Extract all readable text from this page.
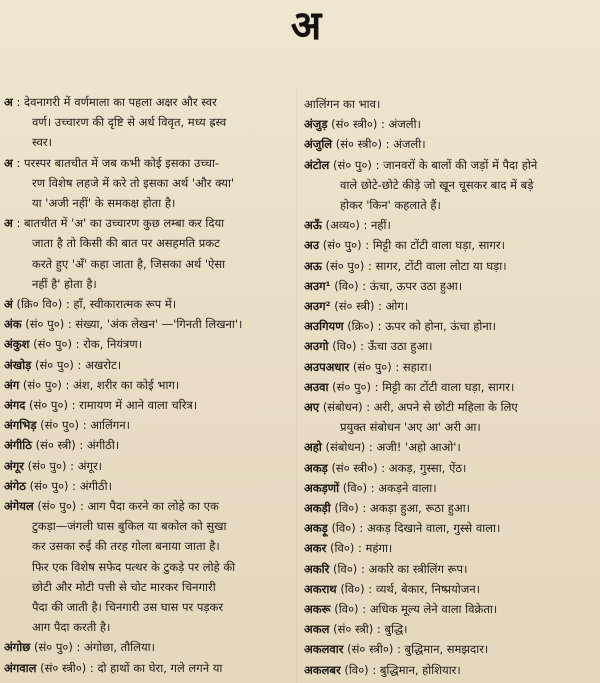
अ
अ : देवनागरी में वर्णमाला का पहला अक्षर और स्वर
वर्ण। उच्चारण की दृष्टि से अर्ध विवृत, मध्य ह्रस्व
स्वर।
अ : परस्पर बातचीत में जब कभी कोई इसका उच्चा-
रण विशेष लहजे में करे तो इसका अर्थ 'और क्या'
या 'अजी नहीं' के समकक्ष होता है।
अ : बातचीत में 'अ' का उच्चारण कुछ लम्बा कर दिया
जाता है तो किसी की बात पर असहमति प्रकट
करते हुए 'अँ' कहा जाता है, जिसका अर्थ 'ऐसा
नहीं है' होता है।
अं (क्रि० वि०) : हाँ, स्वीकारात्मक रूप में।
अंक (सं० पु०) : संख्या, 'अंक लेखन' —'गिनती लिखना'।
अंकुश (सं० पु०) : रोक, नियंत्रण।
अंखोड़ (सं० पु०) : अखरोट।
अंग (सं० पु०) : अंश, शरीर का कोई भाग।
अंगद (सं० पु०) : रामायण में आने वाला चरित्र।
अंगभिड़ (सं० पु०) : आलिंगन।
अंगीठि (सं० स्त्री) : अंगीठी।
अंगूर (सं० पु०) : अंगूर।
अंगेठ (सं० पु०) : अंगीठी।
अंगेयल (सं० पु०) : आग पैदा करने का लोहे का एक
टुकड़ा—जंगली घास बुकिल या बकोल को सुखा
कर उसका रुई की तरह गोला बनाया जाता है।
फिर एक विशेष सफेद पत्थर के टुकड़े पर लोहे की
छोटी और मोटी पत्ती से चोट मारकर चिनगारी
पैदा की जाती है। चिनगारी उस घास पर पड़कर
आग पैदा करती है।
अंगोछ (सं० पु०) : अंगोछा, तौलिया।
अंगवाल (सं० स्त्री०) : दो हाथों का घेरा, गले लगने या
आलिंगन का भाव।
अंजुड़ (सं० स्त्री०) : अंजली।
अंजुलि (सं० स्त्री०) : अंजली।
अंटोल (सं० पु०) : जानवरों के बालों की जड़ों में पैदा होने
वाले छोटे-छोटे कीड़े जो खून चूसकर बाद में बड़े
होकर 'किन' कहलाते हैं।
अऊँ (अव्य०) : नहीं।
अउ (सं० पु०) : मिट्टी का टोंटी वाला घड़ा, सागर।
अऊ (सं० पु०) : सागर, टोंटी वाला लोटा या घड़ा।
अउग¹ (वि०) : ऊंचा, ऊपर उठा हुआ।
अउग² (सं० स्त्री) : ओग।
अउगियण (क्रि०) : ऊपर को होना, ऊंचा होना।
अउगो (वि०) : ऊँचा उठा हुआ।
अउपअधार (सं० पु०) : सहारा।
अउवा (सं० पु०) : मिट्टी का टोंटी वाला घड़ा, सागर।
अए (संबोधन) : अरी, अपने से छोटी महिला के लिए
प्रयुक्त संबोधन 'अए आ' अरी आ।
अहो (संबोधन) : अजी! 'अहो आओ'।
अकड़ (सं० स्त्री०) : अकड़, गुस्सा, ऐंठ।
अकड़णों (वि०) : अकड़ने वाला।
अकड़ी (वि०) : अकड़ा हुआ, रूठा हुआ।
अकड़ू (वि०) : अकड़ दिखाने वाला, गुस्से वाला।
अकर (वि०) : महंगा।
अकरि (वि०) : अकरि का स्त्रीलिंग रूप।
अकराथ (वि०) : व्यर्थ, बेकार, निष्प्रयोजन।
अकरू (वि०) : अधिक मूल्य लेने वाला विक्रेता।
अकल (सं० स्त्री) : बुद्धि।
अकलवार (सं० स्त्री०) : बुद्धिमान, समझदार।
अकलबर (वि०) : बुद्धिमान, होशियार।
